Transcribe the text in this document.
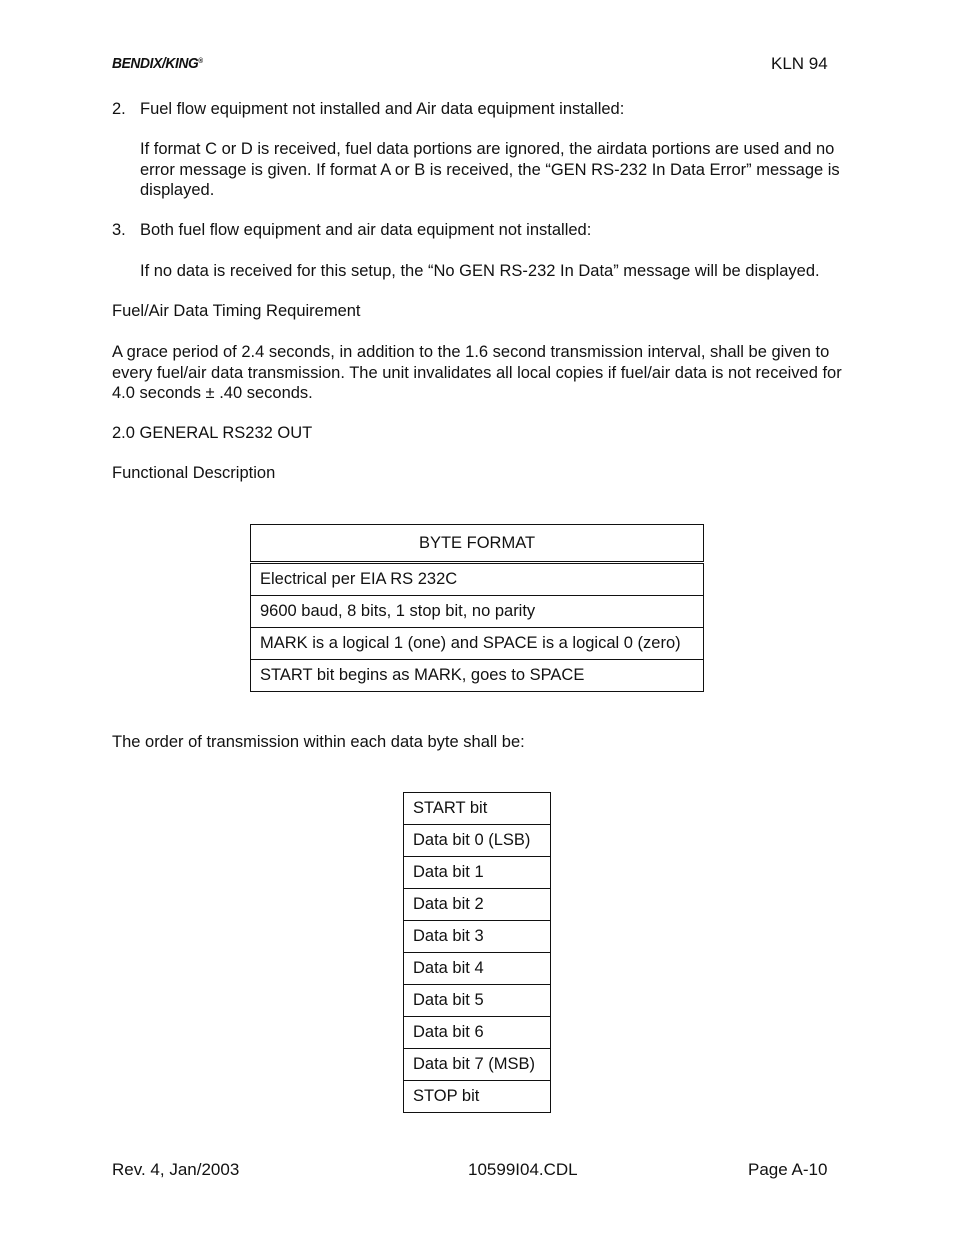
BENDIX/KING®	KLN 94
2. Fuel flow equipment not installed and Air data equipment installed:
If format C or D is received, fuel data portions are ignored, the airdata portions are used and no error message is given. If format A or B is received, the “GEN RS-232 In Data Error” message is displayed.
3. Both fuel flow equipment and air data equipment not installed:
If no data is received for this setup, the “No GEN RS-232 In Data” message will be displayed.
Fuel/Air Data Timing Requirement
A grace period of 2.4 seconds, in addition to the 1.6 second transmission interval, shall be given to every fuel/air data transmission. The unit invalidates all local copies if fuel/air data is not received for 4.0 seconds ± .40 seconds.
2.0 GENERAL RS232 OUT
Functional Description
BYTE FORMAT
Electrical per EIA RS 232C
9600 baud, 8 bits, 1 stop bit, no parity
MARK is a logical 1 (one) and SPACE is a logical 0 (zero)
START bit begins as MARK, goes to SPACE
The order of transmission within each data byte shall be:
START bit
Data bit 0 (LSB)
Data bit 1
Data bit 2
Data bit 3
Data bit 4
Data bit 5
Data bit 6
Data bit 7 (MSB)
STOP bit
Rev. 4, Jan/2003	10599I04.CDL	Page A-10
